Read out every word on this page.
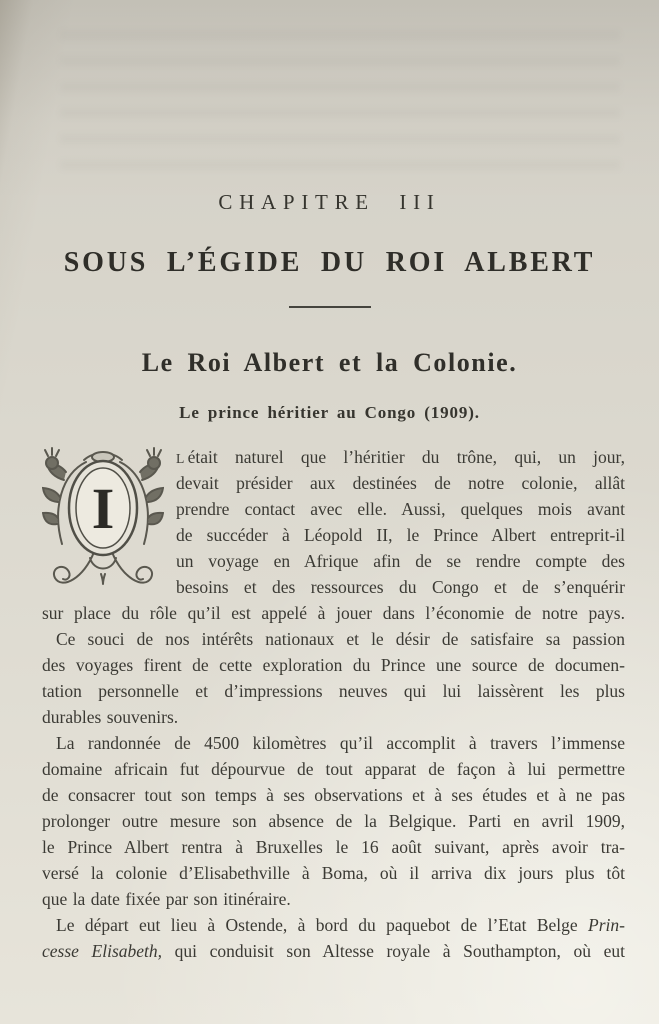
CHAPITRE III
SOUS L’ÉGIDE DU ROI ALBERT
Le Roi Albert et la Colonie.
Le prince héritier au Congo (1909).
I
L était naturel que l’héritier du trône, qui, un jour,
devait présider aux destinées de notre colonie, allât
prendre contact avec elle. Aussi, quelques mois avant
de succéder à Léopold II, le Prince Albert entreprit-il
un voyage en Afrique afin de se rendre compte des
besoins et des ressources du Congo et de s’enquérir
sur place du rôle qu’il est appelé à jouer dans l’économie de notre pays.
Ce souci de nos intérêts nationaux et le désir de satisfaire sa passion
des voyages firent de cette exploration du Prince une source de documen-
tation personnelle et d’impressions neuves qui lui laissèrent les plus
durables souvenirs.
La randonnée de 4500 kilomètres qu’il accomplit à travers l’immense
domaine africain fut dépourvue de tout apparat de façon à lui permettre
de consacrer tout son temps à ses observations et à ses études et à ne pas
prolonger outre mesure son absence de la Belgique. Parti en avril 1909,
le Prince Albert rentra à Bruxelles le 16 août suivant, après avoir tra-
versé la colonie d’Elisabethville à Boma, où il arriva dix jours plus tôt
que la date fixée par son itinéraire.
Le départ eut lieu à Ostende, à bord du paquebot de l’Etat Belge Prin-
cesse Elisabeth, qui conduisit son Altesse royale à Southampton, où eut
